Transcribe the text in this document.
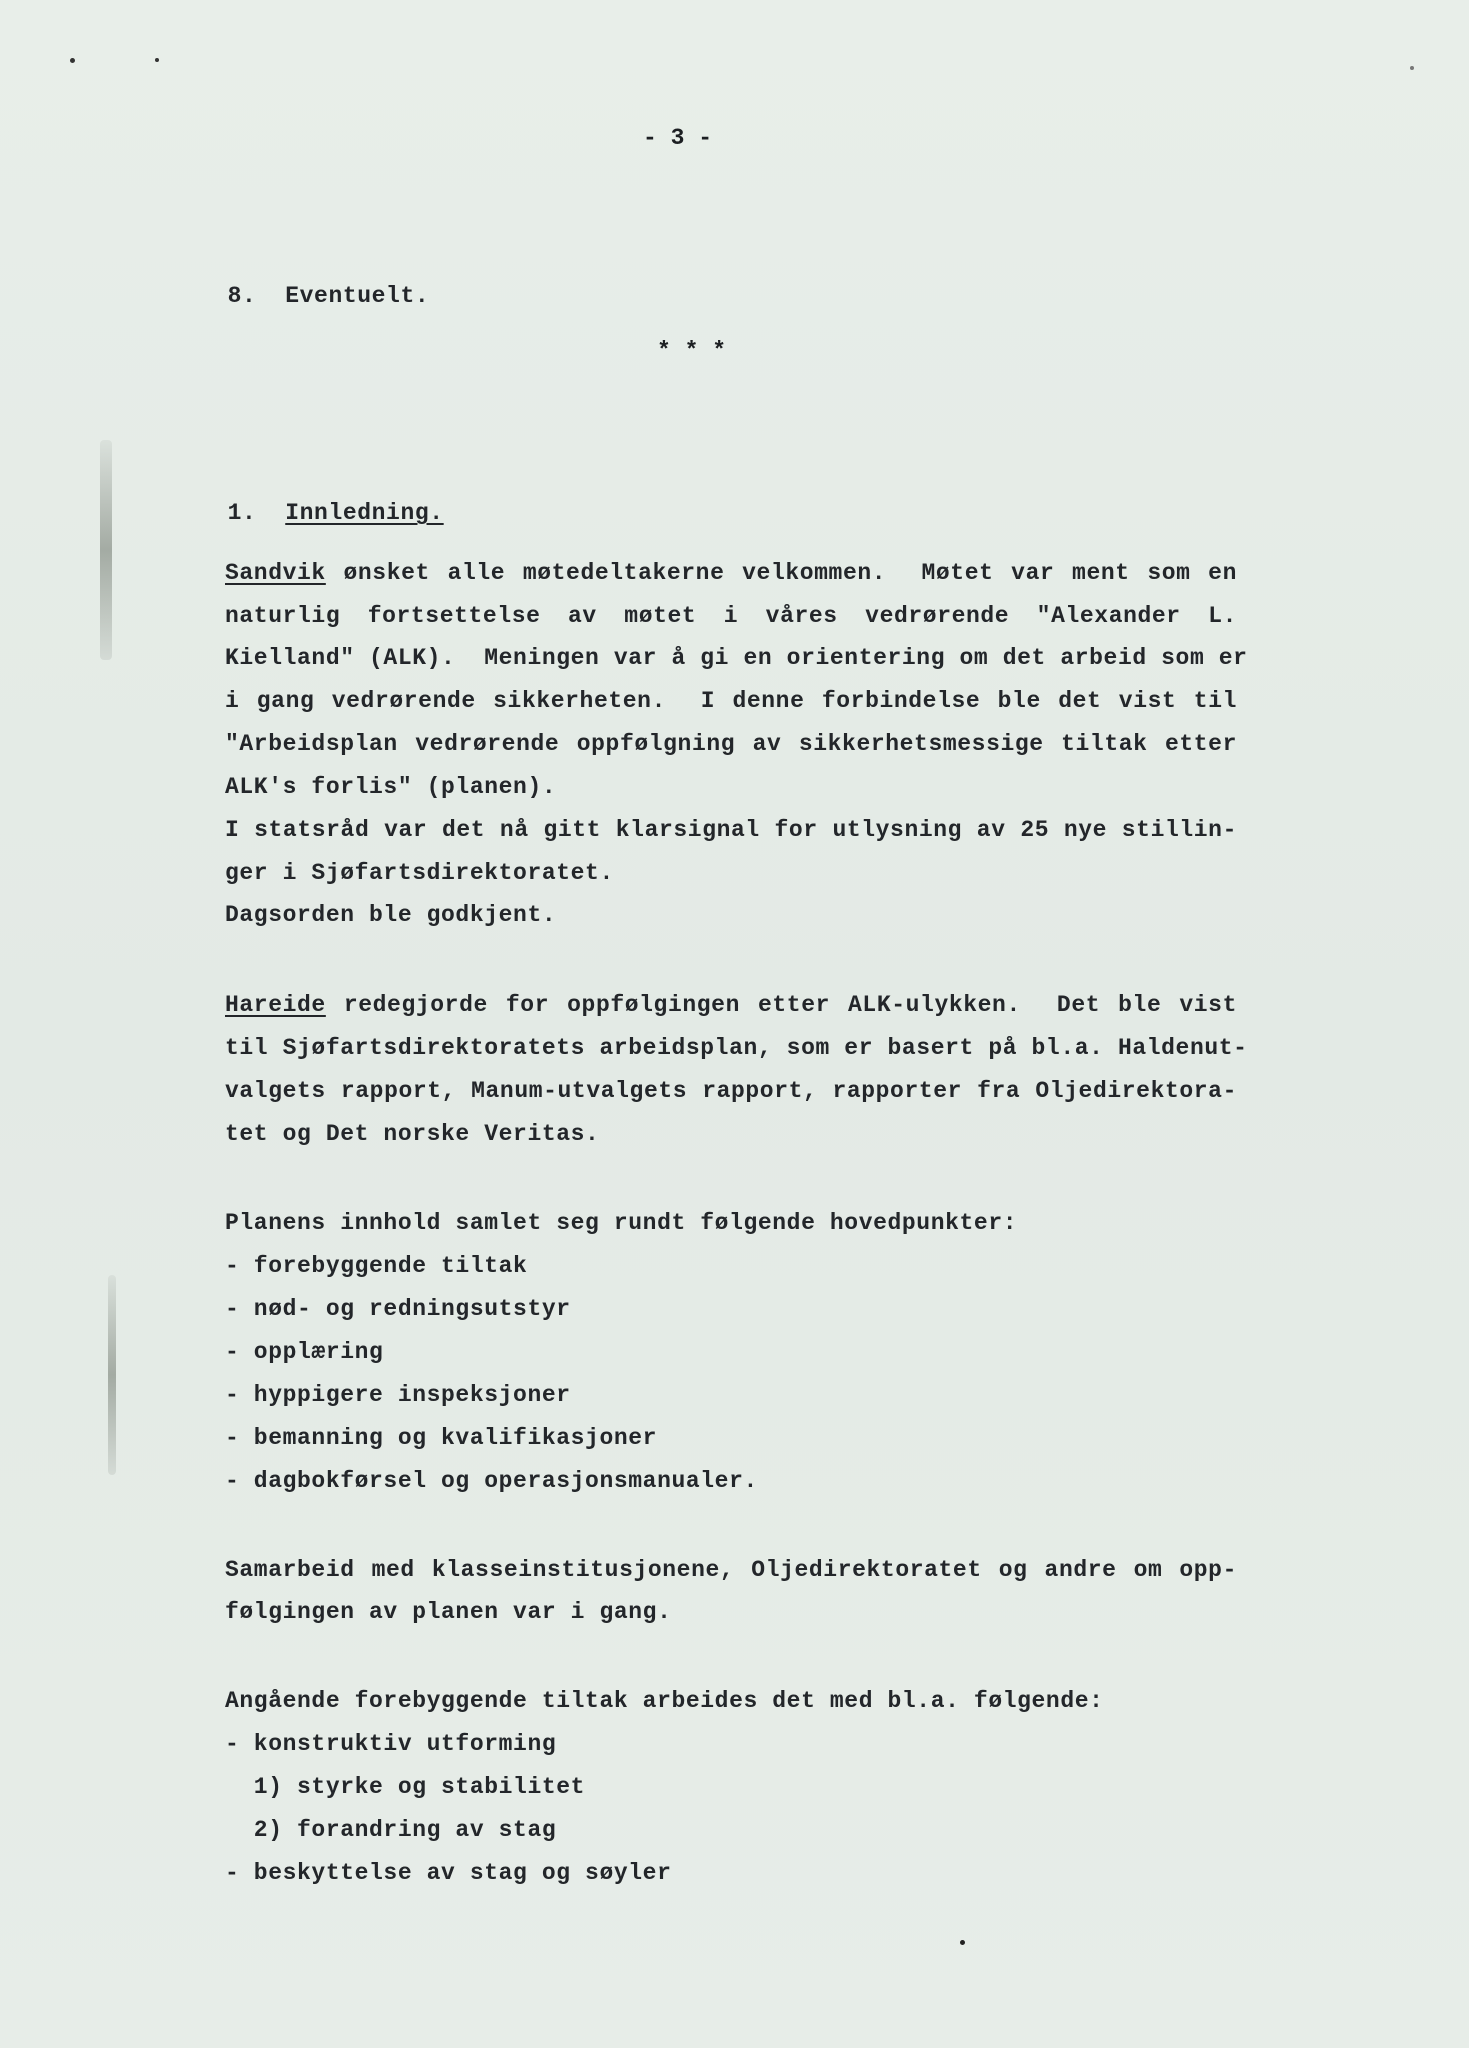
- 3 -

8. Eventuelt.

* * *

1. Innledning.

Sandvik ønsket alle møtedeltakerne velkommen.  Møtet var ment som en
naturlig fortsettelse av møtet i våres vedrørende "Alexander L.
Kielland" (ALK).  Meningen var å gi en orientering om det arbeid som er
i gang vedrørende sikkerheten.  I denne forbindelse ble det vist til
"Arbeidsplan vedrørende oppfølgning av sikkerhetsmessige tiltak etter
ALK's forlis" (planen).
I statsråd var det nå gitt klarsignal for utlysning av 25 nye stillin-
ger i Sjøfartsdirektoratet.
Dagsorden ble godkjent.
Hareide redegjorde for oppfølgingen etter ALK-ulykken.  Det ble vist
til Sjøfartsdirektoratets arbeidsplan, som er basert på bl.a. Haldenut-
valgets rapport, Manum-utvalgets rapport, rapporter fra Oljedirektora-
tet og Det norske Veritas.
Planens innhold samlet seg rundt følgende hovedpunkter:
- forebyggende tiltak
- nød- og redningsutstyr
- opplæring
- hyppigere inspeksjoner
- bemanning og kvalifikasjoner
- dagbokførsel og operasjonsmanualer.
Samarbeid med klasseinstitusjonene, Oljedirektoratet og andre om opp-
følgingen av planen var i gang.
Angående forebyggende tiltak arbeides det med bl.a. følgende:
- konstruktiv utforming
1) styrke og stabilitet
2) forandring av stag
- beskyttelse av stag og søyler
